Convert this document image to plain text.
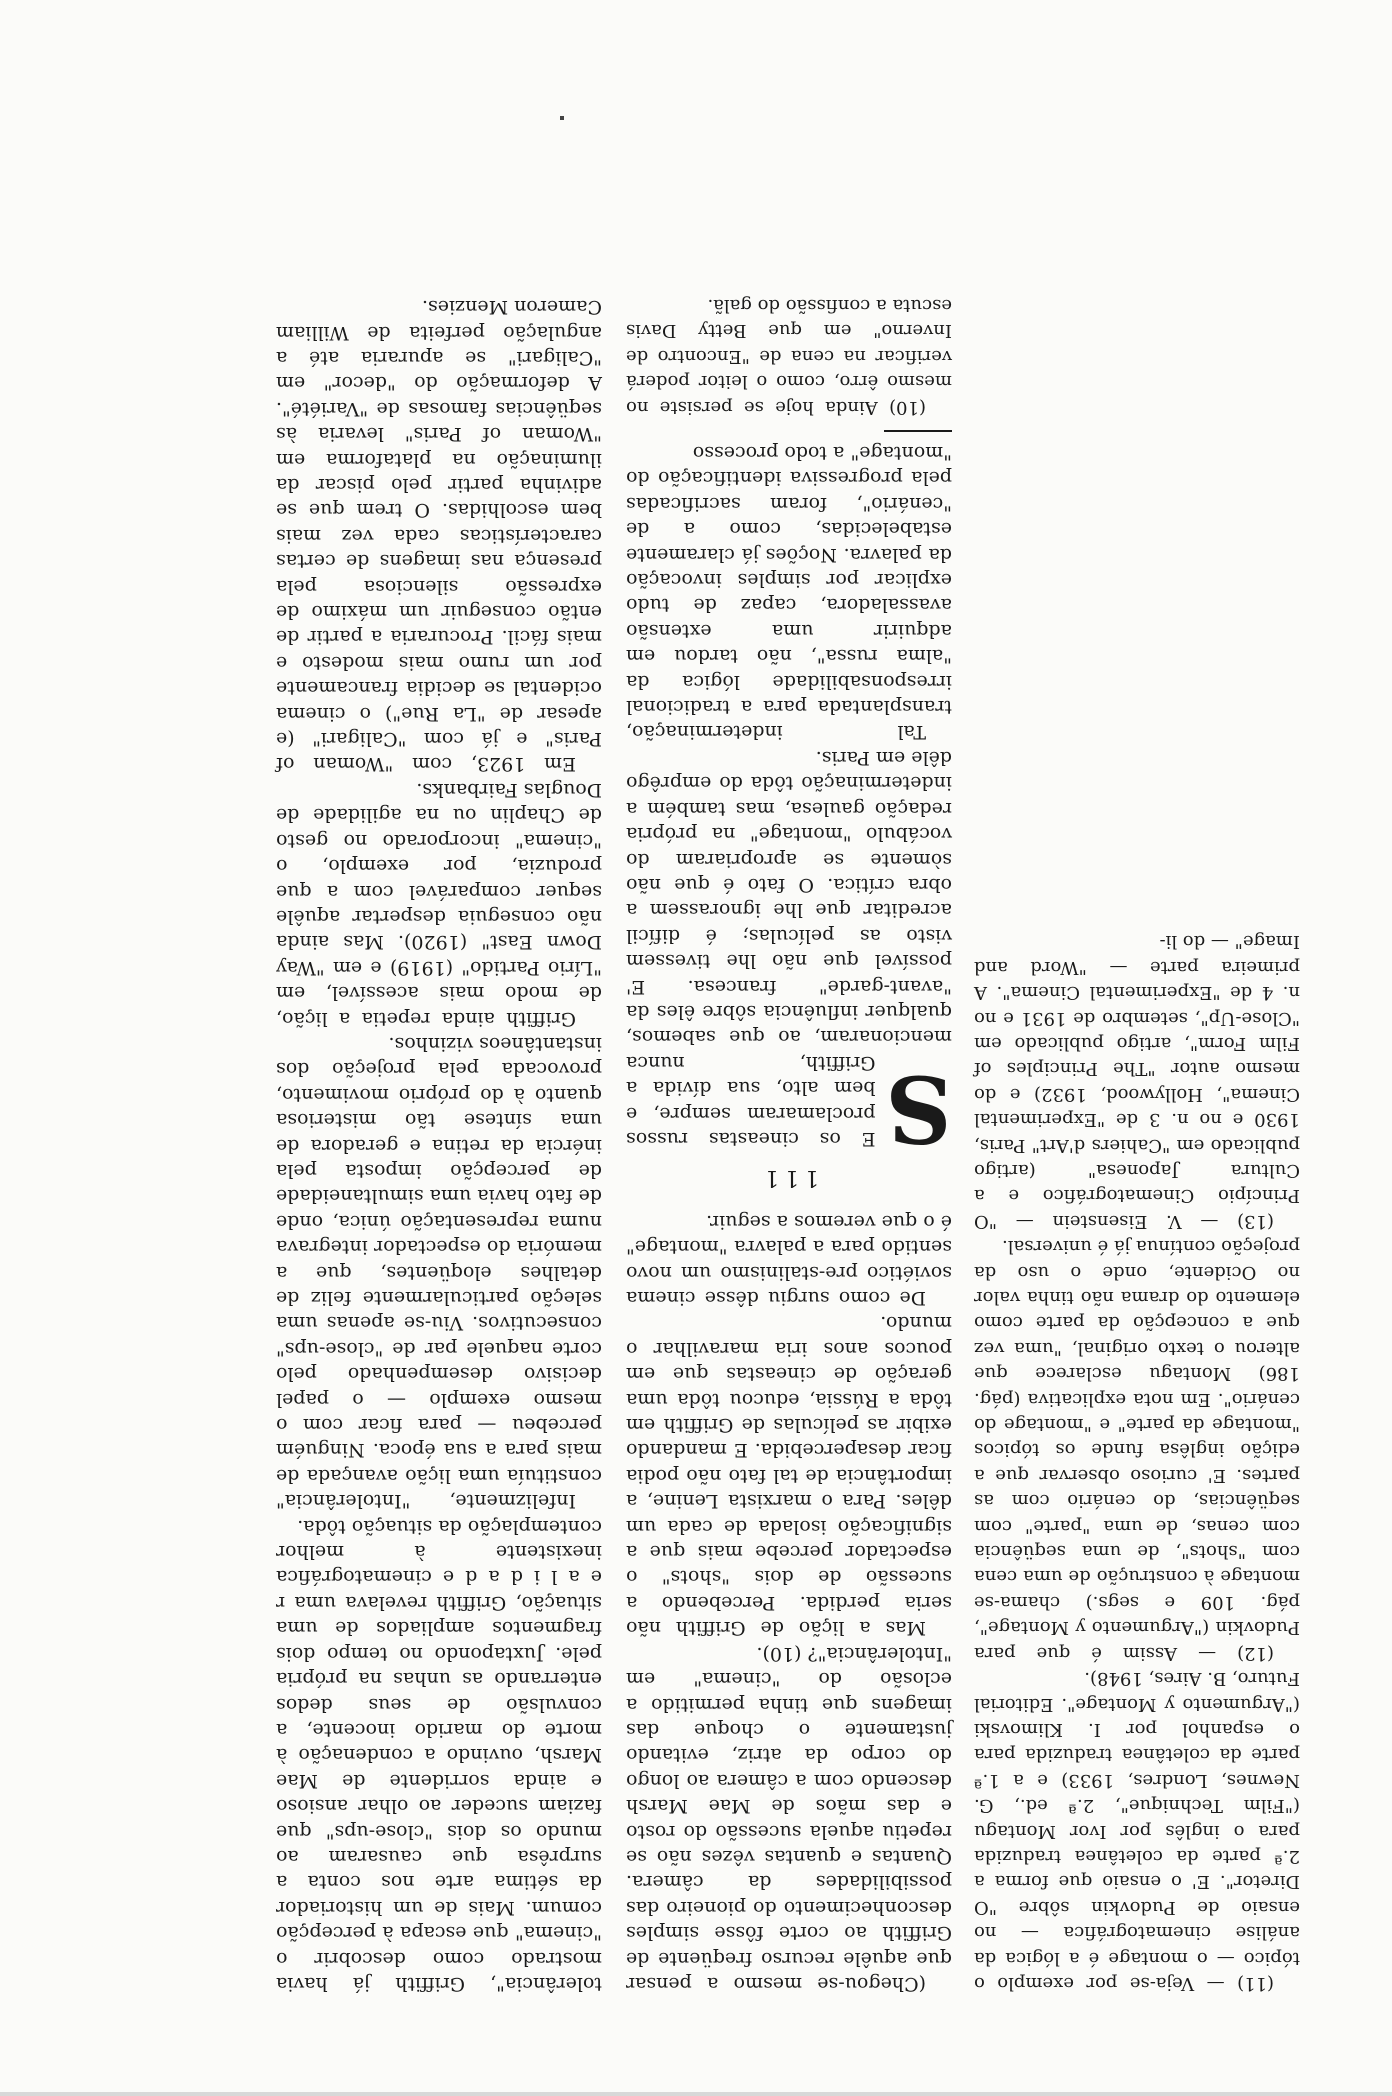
(11) — Veja-se por exemplo o tópico — o montage é a lógica da análise cinematográfica — no ensaio de Pudovkin sôbre "O Diretor". E' o ensaio que forma a 2.ª parte da coletânea traduzida para o inglês por Ivor Montagu ("Film Technique", 2.ª ed., G. Newnes, Londres, 1933) e a 1.ª parte da coletânea traduzida para o espanhol por I. Klimovski ("Argumento y Montage". Editorial Futuro, B. Aires, 1948).

(12) — Assim é que para Pudovkin ("Argumento y Montage", pág. 109 e segs.) chama-se montage à construção de uma cena com "shots", de uma seqüência com cenas, de uma "parte" com seqüências, do cenário com as partes. E' curioso observar que a edição inglêsa funde os tópicos "montage da parte" e "montage do cenário". Em nota explicativa (pág. 186) Montagu esclarece que alterou o texto original, "uma vez que a concepção da parte como elemento do drama não tinha valor no Ocidente, onde o uso da projeção contínua já é universal.

(13) — V. Eisenstein — "O Princípio Cinematográfico e a Cultura Japonesa" (artigo publicado em "Cahiers d'Art" Paris, 1930 e no n. 3 de "Experimental Cinema", Hollywood, 1932) e do mesmo autor "The Principles of Film Form", artigo publicado em "Close-Up", setembro de 1931 e no n. 4 de "Experimental Cinema". A primeira parte — "Word and Image" — do li-

(Chegou-se mesmo a pensar que aquêle recurso freqüente de Griffith ao corte fôsse simples desconhecimento do pioneiro das possibilidades da câmera. Quantas e quantas vêzes não se repetiu aquela sucessão do rosto e das mãos de Mae Marsh descendo com a câmera ao longo do corpo da atriz, evitando justamente o choque das imagens que tinha permitido a eclosão do "cinema" em "Intolerância"? (10).

Mas a lição de Griffith não seria perdida. Percebendo a sucessão de dois "shots" o espectador percebe mais que a significação isolada de cada um dêles. Para o marxista Lenine, a importância de tal fato não podia ficar desapercebida. E mandando exibir as películas de Griffith em tôda a Rússia, educou tôda uma geração de cineastas que em poucos anos iria maravilhar o mundo.

De como surgiu dêsse cinema soviético pre-stalinismo um novo sentido para a palavra "montage" é o que veremos a seguir.

111

S
E os cineastas russos proclamaram sempre, e bem alto, sua dívida a Griffith, nunca mencionaram, ao que sabemos, qualquer influência sôbre êles da "avant-garde" francesa. E' possível que não lhe tivessem visto as películas; é difícil acreditar que lhe ignorassem a obra crítica. O fato é que não sòmente se apropriaram do vocábulo "montage" na própria redação gaulesa, mas também a indeterminação tôda do emprêgo dêle em Paris.

Tal indeterminação, transplantada para a tradicional irresponsabilidade lógica da "alma russa", não tardou em adquirir uma extensão avassaladora, capaz de tudo explicar por simples invocação da palavra. Noções já claramente estabelecidas, como a de "cenário", foram sacrificadas pela progressiva identificação do "montage" a todo processo

(10) Ainda hoje se persiste no mesmo êrro, como o leitor poderá verificar na cena de "Encontro de Inverno" em que Betty Davis escuta a confissão do galã.

tolerância", Griffith já havia mostrado como descobrir o "cinema" que escapa à percepção comum. Mais de um historiador da sétima arte nos conta a surprêsa que causaram ao mundo os dois "close-ups" que faziam suceder ao olhar ansioso e ainda sorridente de Mae Marsh, ouvindo a condenação à morte do marido inocente, a convulsão de seus dedos enterrando as unhas na própria pele. Juxtapondo no tempo dois fragmentos ampliados de uma situação, Griffith revelava uma r e a l i d a d e cinematográfica inexistente à melhor contemplação da situação tôda.

Infelizmente, "Intolerância" constituía uma lição avançada de mais para a sua época. Ninguém percebeu — para ficar com o mesmo exemplo — o papel decisivo desempenhado pelo corte naquele par de "close-ups" consecutivos. Viu-se apenas uma seleção particularmente feliz de detalhes eloqüentes, que a memória do espectador integrava numa representação única, onde de fato havia uma simultaneidade de percepção imposta pela inércia da retina e geradora de uma síntese tão misteriosa quanto à do próprio movimento, provocada pela projeção dos instantâneos vizinhos.

Griffith ainda repetia a lição, de modo mais acessível, em "Lírio Partido" (1919) e em "Way Down East" (1920). Mas ainda não conseguia despertar aquêle sequer comparável com a que produzia, por exemplo, o "cinema" incorporado no gesto de Chaplin ou na agilidade de Douglas Fairbanks.

Em 1923, com "Woman of Paris" e já com "Caligari" (e apesar de "La Rue") o cinema ocidental se decidia francamente por um rumo mais modesto e mais fácil. Procuraria a partir de então conseguir um máximo de expressão silenciosa pela presença nas imagens de certas características cada vez mais bem escolhidas. O trem que se adivinha partir pelo piscar da iluminação na plataforma em "Woman of Paris" levaria às seqüências famosas de "Variété". A deformação do "decor" em "Caligari" se apuraria até a angulação perfeita de William Cameron Menzies.
